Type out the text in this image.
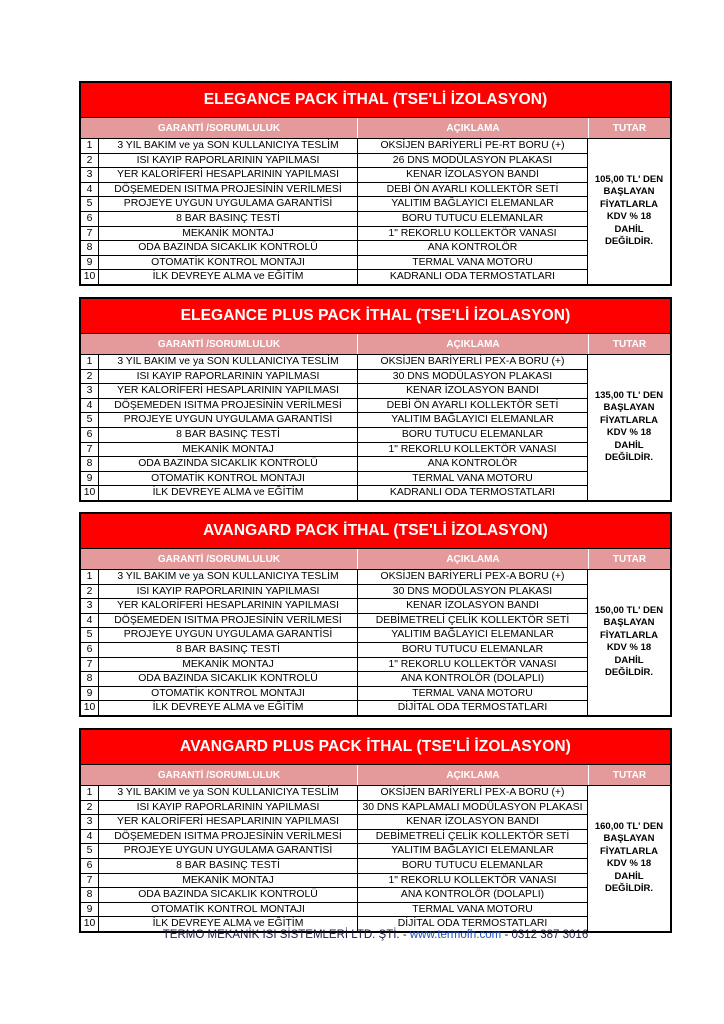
ELEGANCE PACK İTHAL (TSE'Lİ İZOLASYON)
GARANTİ /SORUMLULUK	AÇIKLAMA	TUTAR
1	3 YIL BAKIM ve ya SON KULLANICIYA TESLİM	OKSİJEN BARİYERLİ PE-RT BORU (+)
2	ISI KAYIP RAPORLARININ YAPILMASI	26 DNS MODÜLASYON PLAKASI
3	YER KALORİFERİ HESAPLARININ YAPILMASI	KENAR İZOLASYON BANDI
4	DÖŞEMEDEN ISITMA PROJESİNİN VERİLMESİ	DEBİ ÖN AYARLI KOLLEKTÖR SETİ
5	PROJEYE UYGUN UYGULAMA GARANTİSİ	YALITIM BAĞLAYICI ELEMANLAR
6	8 BAR BASINÇ TESTİ	BORU TUTUCU ELEMANLAR
7	MEKANİK MONTAJ	1" REKORLU KOLLEKTÖR VANASI
8	ODA BAZINDA SICAKLIK KONTROLÜ	ANA KONTROLÖR
9	OTOMATİK KONTROL MONTAJI	TERMAL VANA MOTORU
10	İLK DEVREYE ALMA ve EĞİTİM	KADRANLI ODA TERMOSTATLARI
105,00 TL' DEN
BAŞLAYAN
FİYATLARLA
KDV % 18 DAHİL
DEĞİLDİR.
ELEGANCE PLUS PACK İTHAL (TSE'Lİ İZOLASYON)
GARANTİ /SORUMLULUK	AÇIKLAMA	TUTAR
1	3 YIL BAKIM ve ya SON KULLANICIYA TESLİM	OKSİJEN BARİYERLİ PEX-A BORU (+)
2	ISI KAYIP RAPORLARININ YAPILMASI	30 DNS MODÜLASYON PLAKASI
3	YER KALORİFERİ HESAPLARININ YAPILMASI	KENAR İZOLASYON BANDI
4	DÖŞEMEDEN ISITMA PROJESİNİN VERİLMESİ	DEBİ ÖN AYARLI KOLLEKTÖR SETİ
5	PROJEYE UYGUN UYGULAMA GARANTİSİ	YALITIM BAĞLAYICI ELEMANLAR
6	8 BAR BASINÇ TESTİ	BORU TUTUCU ELEMANLAR
7	MEKANİK MONTAJ	1" REKORLU KOLLEKTÖR VANASI
8	ODA BAZINDA SICAKLIK KONTROLÜ	ANA KONTROLÖR
9	OTOMATİK KONTROL MONTAJI	TERMAL VANA MOTORU
10	İLK DEVREYE ALMA ve EĞİTİM	KADRANLI ODA TERMOSTATLARI
135,00 TL' DEN
BAŞLAYAN
FİYATLARLA
KDV % 18 DAHİL
DEĞİLDİR.
AVANGARD PACK İTHAL (TSE'Lİ İZOLASYON)
GARANTİ /SORUMLULUK	AÇIKLAMA	TUTAR
1	3 YIL BAKIM ve ya SON KULLANICIYA TESLİM	OKSİJEN BARİYERLİ PEX-A BORU (+)
2	ISI KAYIP RAPORLARININ YAPILMASI	30 DNS MODÜLASYON PLAKASI
3	YER KALORİFERİ HESAPLARININ YAPILMASI	KENAR İZOLASYON BANDI
4	DÖŞEMEDEN ISITMA PROJESİNİN VERİLMESİ	DEBİMETRELİ ÇELİK KOLLEKTÖR SETİ
5	PROJEYE UYGUN UYGULAMA GARANTİSİ	YALITIM BAĞLAYICI ELEMANLAR
6	8 BAR BASINÇ TESTİ	BORU TUTUCU ELEMANLAR
7	MEKANİK MONTAJ	1" REKORLU KOLLEKTÖR VANASI
8	ODA BAZINDA SICAKLIK KONTROLÜ	ANA KONTROLÖR (DOLAPLI)
9	OTOMATİK KONTROL MONTAJI	TERMAL VANA MOTORU
10	İLK DEVREYE ALMA ve EĞİTİM	DİJİTAL ODA TERMOSTATLARI
150,00 TL' DEN
BAŞLAYAN
FİYATLARLA
KDV % 18 DAHİL
DEĞİLDİR.
AVANGARD PLUS PACK İTHAL (TSE'Lİ İZOLASYON)
GARANTİ /SORUMLULUK	AÇIKLAMA	TUTAR
1	3 YIL BAKIM ve ya SON KULLANICIYA TESLİM	OKSİJEN BARİYERLİ PEX-A BORU (+)
2	ISI KAYIP RAPORLARININ YAPILMASI	30 DNS KAPLAMALI MODÜLASYON PLAKASI
3	YER KALORİFERİ HESAPLARININ YAPILMASI	KENAR İZOLASYON BANDI
4	DÖŞEMEDEN ISITMA PROJESİNİN VERİLMESİ	DEBİMETRELİ ÇELİK KOLLEKTÖR SETİ
5	PROJEYE UYGUN UYGULAMA GARANTİSİ	YALITIM BAĞLAYICI ELEMANLAR
6	8 BAR BASINÇ TESTİ	BORU TUTUCU ELEMANLAR
7	MEKANİK MONTAJ	1" REKORLU KOLLEKTÖR VANASI
8	ODA BAZINDA SICAKLIK KONTROLÜ	ANA KONTROLÖR (DOLAPLI)
9	OTOMATİK KONTROL MONTAJI	TERMAL VANA MOTORU
10	İLK DEVREYE ALMA ve EĞİTİM	DİJİTAL ODA TERMOSTATLARI
160,00 TL' DEN
BAŞLAYAN
FİYATLARLA
KDV % 18 DAHİL
DEĞİLDİR.
TERMO MEKANİK ISI SİSTEMLERİ LTD. ŞTİ. - www.termofh.com - 0312 387 3016
